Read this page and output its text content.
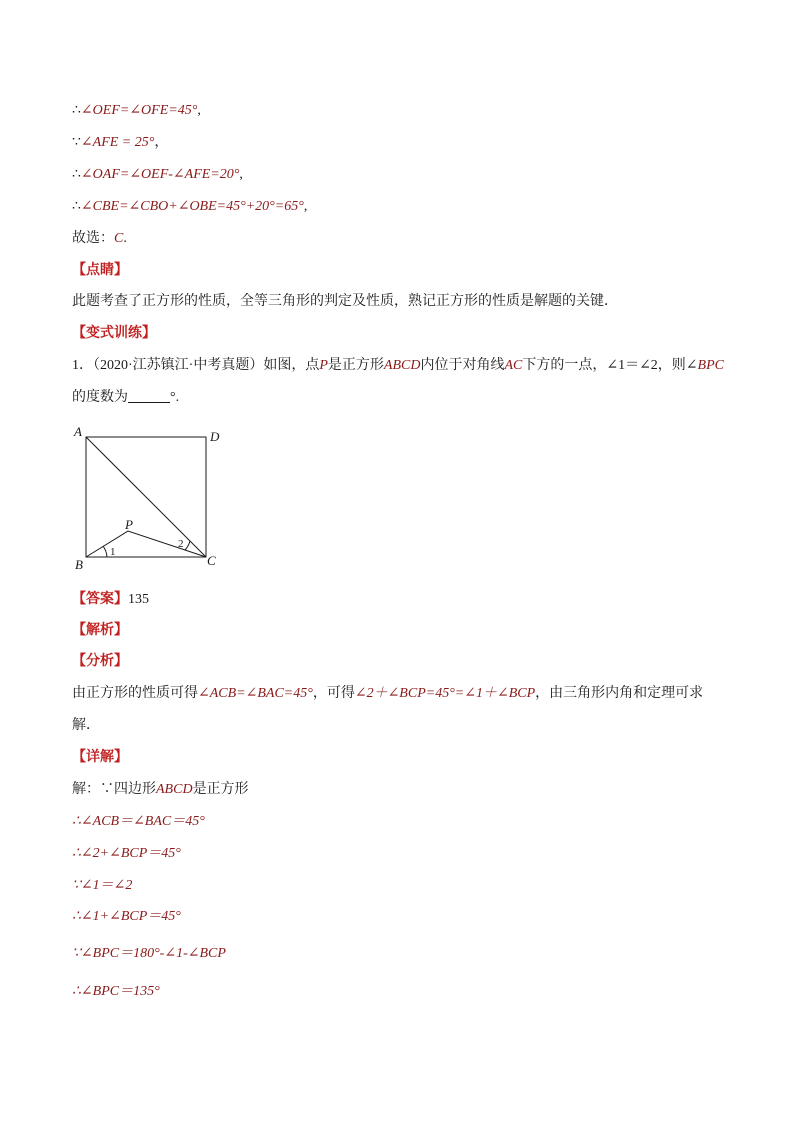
∴∠OEF=∠OFE=45°,
∵∠AFE = 25°，
∴∠OAF=∠OEF-∠AFE=20°,
∴∠CBE=∠CBO+∠OBE=45°+20°=65°,
故选：C.
【点睛】
此题考查了正方形的性质，全等三角形的判定及性质，熟记正方形的性质是解题的关键．
【变式训练】
1．（2020·江苏镇江·中考真题）如图，点P是正方形ABCD内位于对角线AC下方的一点，∠1＝∠2，则∠BPC
的度数为	°.
A	D
B	C
P
1
2
【答案】135
【解析】
【分析】
由正方形的性质可得∠ACB=∠BAC=45°，可得∠2＋∠BCP=45°=∠1＋∠BCP，由三角形内角和定理可求
解．
【详解】
解：∵四边形ABCD是正方形
∴∠ACB＝∠BAC＝45°
∴∠2+∠BCP＝45°
∵∠1＝∠2
∴∠1+∠BCP＝45°
∵∠BPC＝180°-∠1-∠BCP
∴∠BPC＝135°
